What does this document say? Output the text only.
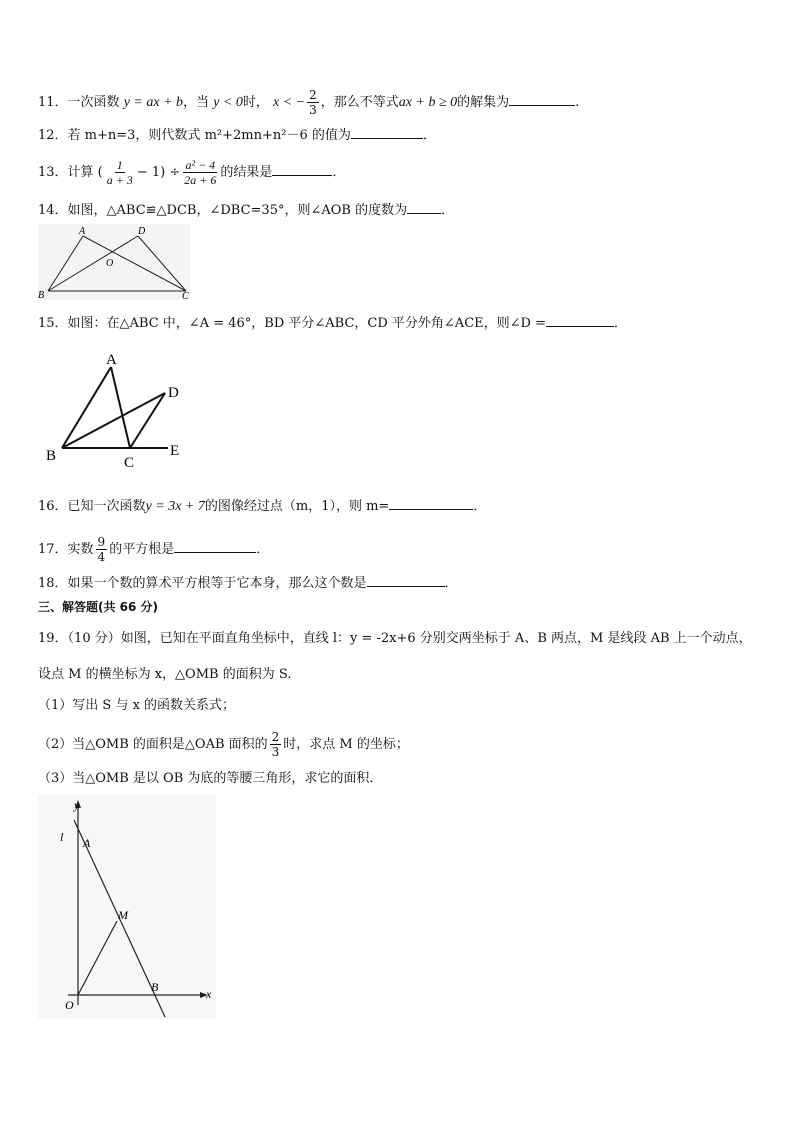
11．一次函数 y = ax + b，当 y < 0时， x < − $\frac{2}{3}$ ，那么不等式ax + b ≥ 0的解集为	.
12．若 m+n=3，则代数式 m²+2mn+n²－6 的值为	．
13．计算 ( $\frac{1}{a + 3} - 1) \div \frac{\text{a² − 4}}{2a + 6}$ 的结果是	．
14．如图，△ABC≌△DCB，∠DBC=35°，则∠AOB 的度数为	．
A	D
O
B	C
15．如图：在△ABC 中，∠A = 46°，BD 平分∠ABC，CD 平分外角∠ACE，则∠D =	．
A
D
B	C
E
16．已知一次函数y = 3x + 7的图像经过点（m，1），则 m=	．
17．实数 $\frac{9}{4}$ 的平方根是	．
18．如果一个数的算术平方根等于它本身，那么这个数是	．
三、解答题(共 66 分)
19．（10 分）如图，已知在平面直角坐标中，直线 l：y = -2x+6 分别交两坐标于 A、B 两点，M 是线段 AB 上一个动点，
设点 M 的横坐标为 x，△OMB 的面积为 S.
（1）写出 S 与 x 的函数关系式；
（2）当△OMB 的面积是△OAB 面积的 $\frac{2}{3}$ 时，求点 M 的坐标；
（3）当△OMB 是以 OB 为底的等腰三角形，求它的面积．
y
l A
M
O
B	x
